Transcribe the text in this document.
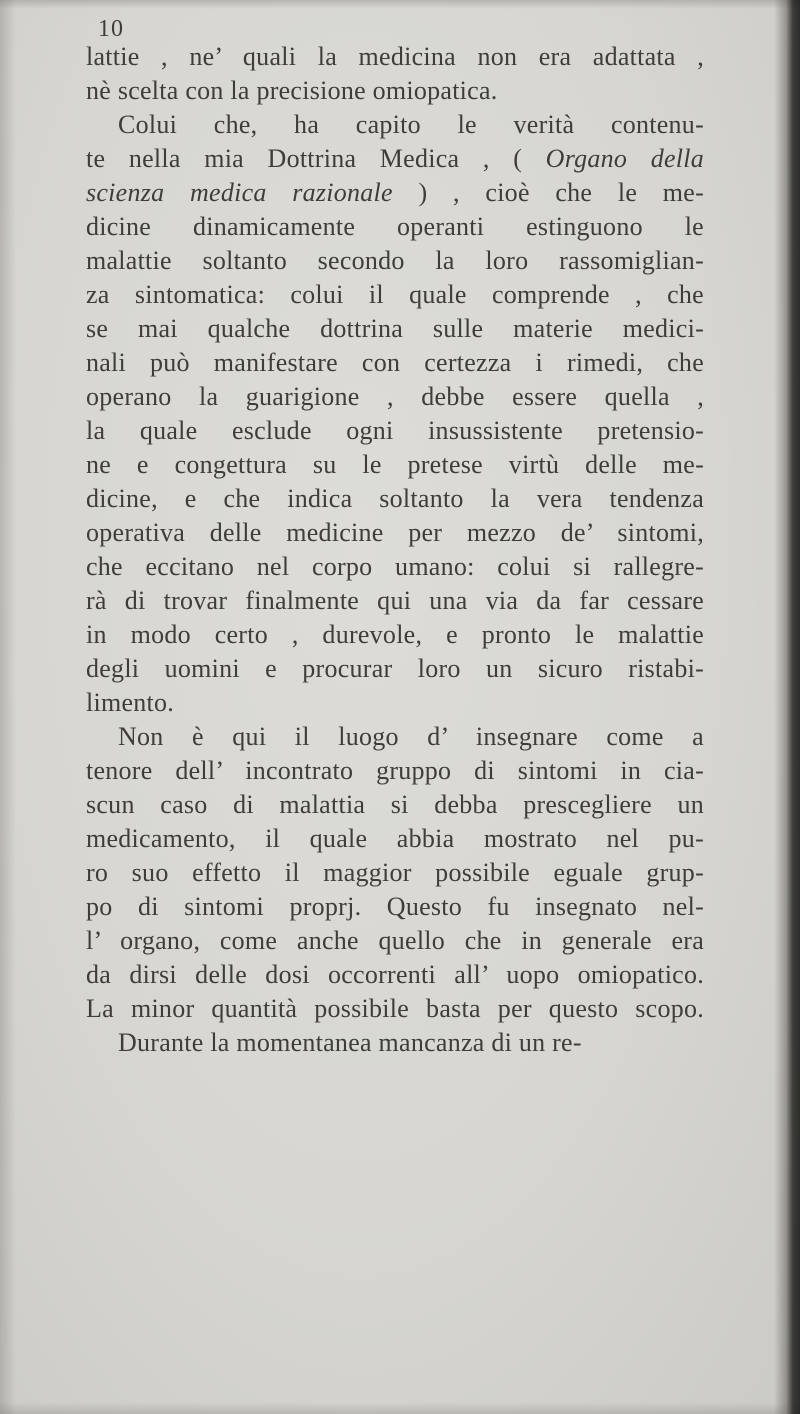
10
lattie , ne’ quali la medicina non era adattata ,
nè scelta con la precisione omiopatica.
Colui che, ha capito le verità contenu-
te nella mia Dottrina Medica , ( Organo della
scienza medica razionale ) , cioè che le me-
dicine dinamicamente operanti estinguono le
malattie soltanto secondo la loro rassomiglian-
za sintomatica: colui il quale comprende , che
se mai qualche dottrina sulle materie medici-
nali può manifestare con certezza i rimedi, che
operano la guarigione , debbe essere quella ,
la quale esclude ogni insussistente pretensio-
ne e congettura su le pretese virtù delle me-
dicine, e che indica soltanto la vera tendenza
operativa delle medicine per mezzo de’ sintomi,
che eccitano nel corpo umano: colui si rallegre-
rà di trovar finalmente qui una via da far cessare
in modo certo , durevole, e pronto le malattie
degli uomini e procurar loro un sicuro ristabi-
limento.
Non è qui il luogo d’ insegnare come a
tenore dell’ incontrato gruppo di sintomi in cia-
scun caso di malattia si debba prescegliere un
medicamento, il quale abbia mostrato nel pu-
ro suo effetto il maggior possibile eguale grup-
po di sintomi proprj. Questo fu insegnato nel-
l’ organo, come anche quello che in generale era
da dirsi delle dosi occorrenti all’ uopo omiopatico.
La minor quantità possibile basta per questo scopo.
Durante la momentanea mancanza di un re-
